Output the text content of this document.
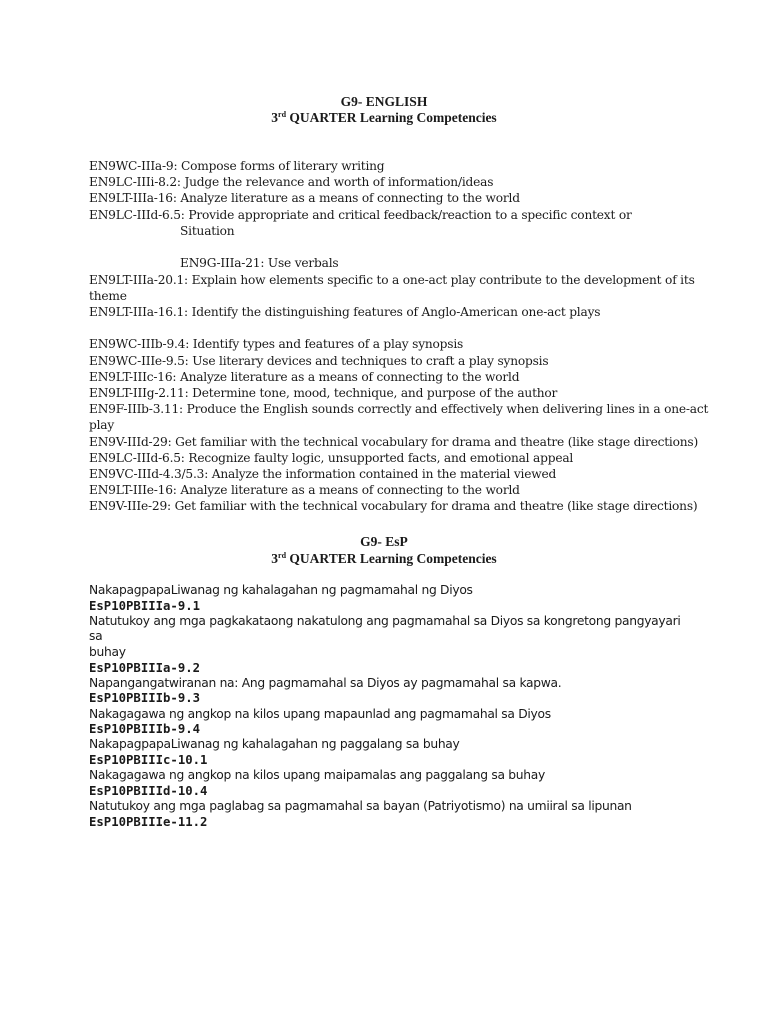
G9- ENGLISH
3rd QUARTER Learning Competencies
EN9WC-IIIa-9: Compose forms of literary writing
EN9LC-IIIi-8.2: Judge the relevance and worth of information/ideas
EN9LT-IIIa-16: Analyze literature as a means of connecting to the world
EN9LC-IIId-6.5: Provide appropriate and critical feedback/reaction to a specific context or
Situation
EN9G-IIIa-21: Use verbals
EN9LT-IIIa-20.1: Explain how elements specific to a one-act play contribute to the development of its
theme
EN9LT-IIIa-16.1: Identify the distinguishing features of Anglo-American one-act plays
EN9WC-IIIb-9.4: Identify types and features of a play synopsis
EN9WC-IIIe-9.5: Use literary devices and techniques to craft a play synopsis
EN9LT-IIIc-16: Analyze literature as a means of connecting to the world
EN9LT-IIIg-2.11: Determine tone, mood, technique, and purpose of the author
EN9F-IIIb-3.11: Produce the English sounds correctly and effectively when delivering lines in a one-act
play
EN9V-IIId-29: Get familiar with the technical vocabulary for drama and theatre (like stage directions)
EN9LC-IIId-6.5: Recognize faulty logic, unsupported facts, and emotional appeal
EN9VC-IIId-4.3/5.3: Analyze the information contained in the material viewed
EN9LT-IIIe-16: Analyze literature as a means of connecting to the world
EN9V-IIIe-29: Get familiar with the technical vocabulary for drama and theatre (like stage directions)
G9- EsP
3rd QUARTER Learning Competencies
NakapagpapaLiwanag ng kahalagahan ng pagmamahal ng Diyos
EsP10PBIIIa-9.1
Natutukoy ang mga pagkakataong nakatulong ang pagmamahal sa Diyos sa kongretong pangyayari sa
buhay
EsP10PBIIIa-9.2
Napangangatwiranan na: Ang pagmamahal sa Diyos ay pagmamahal sa kapwa.
EsP10PBIIIb-9.3
Nakagagawa ng angkop na kilos upang mapaunlad ang pagmamahal sa Diyos
EsP10PBIIIb-9.4
NakapagpapaLiwanag ng kahalagahan ng paggalang sa buhay
EsP10PBIIIc-10.1
Nakagagawa ng angkop na kilos upang maipamalas ang paggalang sa buhay
EsP10PBIIId-10.4
Natutukoy ang mga paglabag sa pagmamahal sa bayan (Patriyotismo) na umiiral sa lipunan
EsP10PBIIIe-11.2
